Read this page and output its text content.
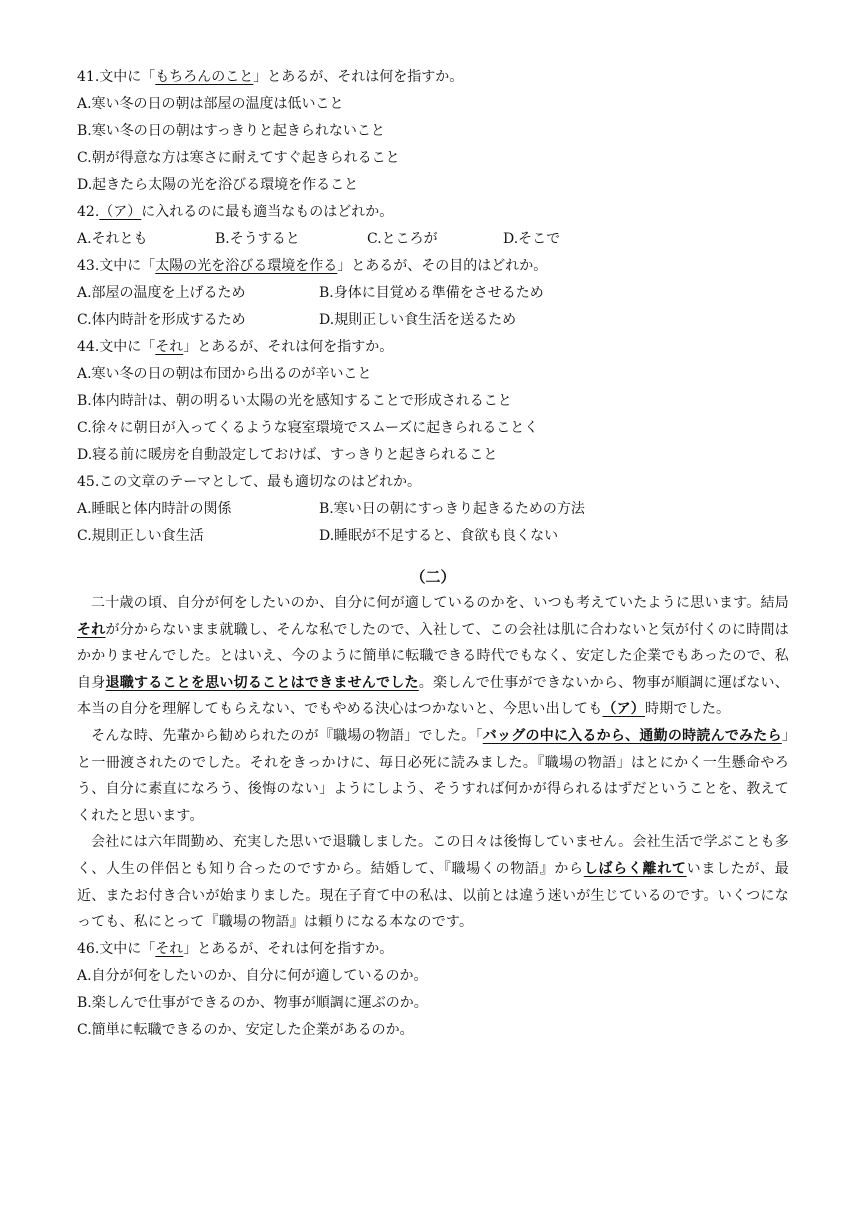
41.文中に「もちろんのこと」とあるが、それは何を指すか。
A.寒い冬の日の朝は部屋の温度は低いこと
B.寒い冬の日の朝はすっきりと起きられないこと
C.朝が得意な方は寒さに耐えてすぐ起きられること
D.起きたら太陽の光を浴びる環境を作ること
42.（ア）に入れるのに最も適当なものはどれか。
A.それとも	B.そうすると	C.ところが	D.そこで
43.文中に「太陽の光を浴びる環境を作る」とあるが、その目的はどれか。
A.部屋の温度を上げるため	B.身体に目覚める準備をさせるため
C.体内時計を形成するため	D.規則正しい食生活を送るため
44.文中に「それ」とあるが、それは何を指すか。
A.寒い冬の日の朝は布団から出るのが辛いこと
B.体内時計は、朝の明るい太陽の光を感知することで形成されること
C.徐々に朝日が入ってくるような寝室環境でスムーズに起きられることく
D.寝る前に暖房を自動設定しておけば、すっきりと起きられること
45.この文章のテーマとして、最も適切なのはどれか。
A.睡眠と体内時計の関係	B.寒い日の朝にすっきり起きるための方法
C.規則正しい食生活	D.睡眠が不足すると、食欲も良くない
（二）

二十歳の頃、自分が何をしたいのか、自分に何が適しているのかを、いつも考えていたように思います。結局それが分からないまま就職し、そんな私でしたので、入社して、この会社は肌に合わないと気が付くのに時間はかかりませんでした。とはいえ、今のように簡単に転職できる時代でもなく、安定した企業でもあったので、私自身退職することを思い切ることはできませんでした。楽しんで仕事ができないから、物事が順調に運ばない、本当の自分を理解してもらえない、でもやめる決心はつかないと、今思い出しても（ア）時期でした。

そんな時、先輩から勧められたのが『職場の物語」でした。「バッグの中に入るから、通勤の時読んでみたら」と一冊渡されたのでした。それをきっかけに、毎日必死に読みました。『職場の物語」はとにかく一生懸命やろう、自分に素直になろう、後悔のない」ようにしよう、そうすれば何かが得られるはずだということを、教えてくれたと思います。

会社には六年間勤め、充実した思いで退職しました。この日々は後悔していません。会社生活で学ぶことも多く、人生の伴侶とも知り合ったのですから。結婚して、『職場くの物語』からしばらく離れていましたが、最近、またお付き合いが始まりました。現在子育て中の私は、以前とは違う迷いが生じているのです。いくつになっても、私にとって『職場の物語』は頼りになる本なのです。

46.文中に「それ」とあるが、それは何を指すか。
A.自分が何をしたいのか、自分に何が適しているのか。
B.楽しんで仕事ができるのか、物事が順調に運ぶのか。
C.簡単に転職できるのか、安定した企業があるのか。
